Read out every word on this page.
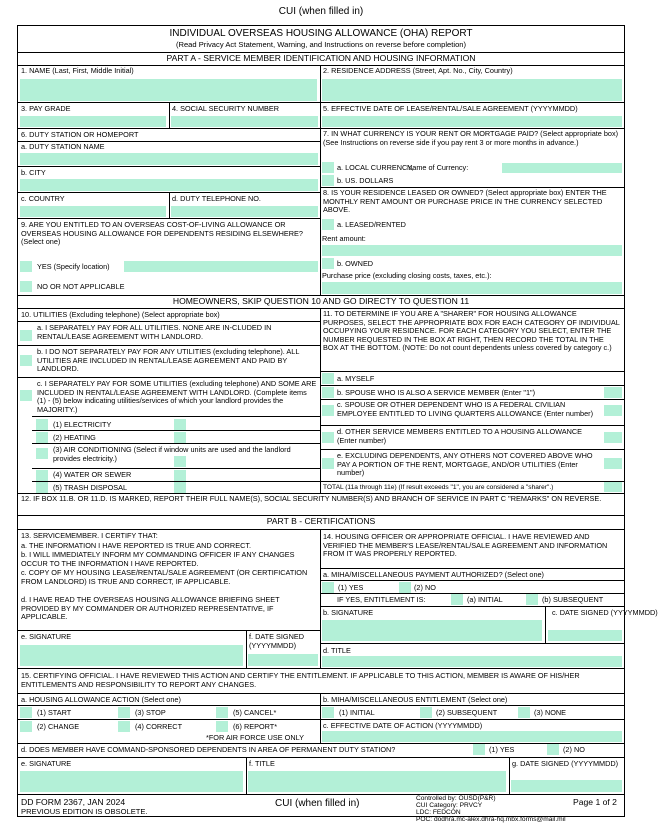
CUI (when filled in)
INDIVIDUAL OVERSEAS HOUSING ALLOWANCE (OHA) REPORT
(Read Privacy Act Statement, Warning, and Instructions on reverse before completion)
PART A - SERVICE MEMBER IDENTIFICATION AND HOUSING INFORMATION
1. NAME (Last, First, Middle Initial)	2. RESIDENCE ADDRESS (Street, Apt. No., City, Country)
3. PAY GRADE	4. SOCIAL SECURITY NUMBER	5. EFFECTIVE DATE OF LEASE/RENTAL/SALE AGREEMENT (YYYYMMDD)
6. DUTY STATION OR HOMEPORT
a. DUTY STATION NAME
b. CITY
c. COUNTRY	d. DUTY TELEPHONE NO.
7. IN WHAT CURRENCY IS YOUR RENT OR MORTGAGE PAID? (Select appropriate box) (See Instructions on reverse side if you pay rent 3 or more months in advance.)
a. LOCAL CURRENCY,
Name of Currency:
b. US. DOLLARS
8. IS YOUR RESIDENCE LEASED OR OWNED? (Select appropriate box) ENTER THE MONTHLY RENT AMOUNT OR PURCHASE PRICE IN THE CURRENCY SELECTED ABOVE.
a. LEASED/RENTED
Rent amount:
b. OWNED
Purchase price (excluding closing costs, taxes, etc.):
9. ARE YOU ENTITLED TO AN OVERSEAS COST-OF-LIVING ALLOWANCE OR OVERSEAS HOUSING ALLOWANCE FOR DEPENDENTS RESIDING ELSEWHERE? (Select one)
YES (Specify location)
NO OR NOT APPLICABLE
HOMEOWNERS, SKIP QUESTION 10 AND GO DIRECTY TO QUESTION 11
10. UTILITIES (Excluding telephone) (Select appropriate box)
a. I SEPARATELY PAY FOR ALL UTILITIES. NONE ARE IN-CLUDED IN RENTAL/LEASE AGREEMENT WITH LANDLORD.
b. I DO NOT SEPARATELY PAY FOR ANY UTILITIES (excluding telephone). ALL UTILITIES ARE INCLUDED IN RENTAL/LEASE AGREEMENT AND PAID BY LANDLORD.
c. I SEPARATELY PAY FOR SOME UTILITIES (excluding telephone) AND SOME ARE INCLUDED IN RENTAL/LEASE AGREEMENT WITH LANDLORD. (Complete items (1) - (5) below indicating utilities/services of which your landlord provides the MAJORITY.)
(1) ELECTRICITY
(2) HEATING
(3) AIR CONDITIONING (Select if window units are used and the landlord provides electricity.)
(4) WATER OR SEWER
(5) TRASH DISPOSAL
11. TO DETERMINE IF YOU ARE A "SHARER" FOR HOUSING ALLOWANCE PURPOSES, SELECT THE APPROPRIATE BOX FOR EACH CATEGORY OF INDIVIDUAL OCCUPYING YOUR RESIDENCE. FOR EACH CATEGORY YOU SELECT, ENTER THE NUMBER REQUESTED IN THE BOX AT RIGHT, THEN RECORD THE TOTAL IN THE BOX AT THE BOTTOM. (NOTE: Do not count dependents unless covered by category c.)
a. MYSELF
b. SPOUSE WHO IS ALSO A SERVICE MEMBER (Enter "1")
c. SPOUSE OR OTHER DEPENDENT WHO IS A FEDERAL CIVILIAN EMPLOYEE ENTITLED TO LIVING QUARTERS ALLOWANCE (Enter number)
d. OTHER SERVICE MEMBERS ENTITLED TO A HOUSING ALLOWANCE (Enter number)
e. EXCLUDING DEPENDENTS, ANY OTHERS NOT COVERED ABOVE WHO PAY A PORTION OF THE RENT, MORTGAGE, AND/OR UTILITIES (Enter number)
TOTAL (11a through 11e) (If result exceeds "1", you are considered a "sharer".)
12. IF BOX 11.B. OR 11.D. IS MARKED, REPORT THEIR FULL NAME(S), SOCIAL SECURITY NUMBER(S) AND BRANCH OF SERVICE IN PART C "REMARKS" ON REVERSE.
PART B - CERTIFICATIONS
13. SERVICEMEMBER. I CERTIFY THAT:
a. THE INFORMATION I HAVE REPORTED IS TRUE AND CORRECT.
b. I WILL IMMEDIATELY INFORM MY COMMANDING OFFICER IF ANY CHANGES OCCUR TO THE INFORMATION I HAVE REPORTED.
c. COPY OF MY HOUSING LEASE/RENTAL/SALE AGREEMENT (OR CERTIFICATION FROM LANDLORD) IS TRUE AND CORRECT, IF APPLICABLE.
d. I HAVE READ THE OVERSEAS HOUSING ALLOWANCE BRIEFING SHEET PROVIDED BY MY COMMANDER OR AUTHORIZED REPRESENTATIVE, IF APPLICABLE.
e. SIGNATURE	f. DATE SIGNED (YYYYMMDD)
14. HOUSING OFFICER OR APPROPRIATE OFFICIAL. I HAVE REVIEWED AND VERIFIED THE MEMBER'S LEASE/RENTAL/SALE AGREEMENT AND INFORMATION FROM IT WAS PROPERLY REPORTED.
a. MIHA/MISCELLANEOUS PAYMENT AUTHORIZED? (Select one)
(1) YES	(2) NO
IF YES, ENTITLEMENT IS:	(a) INITIAL	(b) SUBSEQUENT
b. SIGNATURE	c. DATE SIGNED (YYYYMMDD)
d. TITLE
15. CERTIFYING OFFICIAL. I HAVE REVIEWED THIS ACTION AND CERTIFY THE ENTITLEMENT. IF APPLICABLE TO THIS ACTION, MEMBER IS AWARE OF HIS/HER ENTITLEMENTS AND RESPONSIBILITY TO REPORT ANY CHANGES.
a. HOUSING ALLOWANCE ACTION (Select one)
(1) START	(3) STOP	(5) CANCEL*
(2) CHANGE	(4) CORRECT	(6) REPORT*
*FOR AIR FORCE USE ONLY
b. MIHA/MISCELLANEOUS ENTITLEMENT (Select one)
(1) INITIAL	(2) SUBSEQUENT	(3) NONE
c. EFFECTIVE DATE OF ACTION (YYYYMMDD)
d. DOES MEMBER HAVE COMMAND-SPONSORED DEPENDENTS IN AREA OF PERMANENT DUTY STATION?	(1) YES	(2) NO
e. SIGNATURE	f. TITLE	g. DATE SIGNED (YYYYMMDD)
DD FORM 2367, JAN 2024
PREVIOUS EDITION IS OBSOLETE.
CUI (when filled in)	Controlled by: OUSD(P&R)
CUI Category: PRVCY
LDC: FEDCON
POC: dodhra.mc-alex.dhra-hq.mbx.forms@mail.mil
Page 1 of 2
